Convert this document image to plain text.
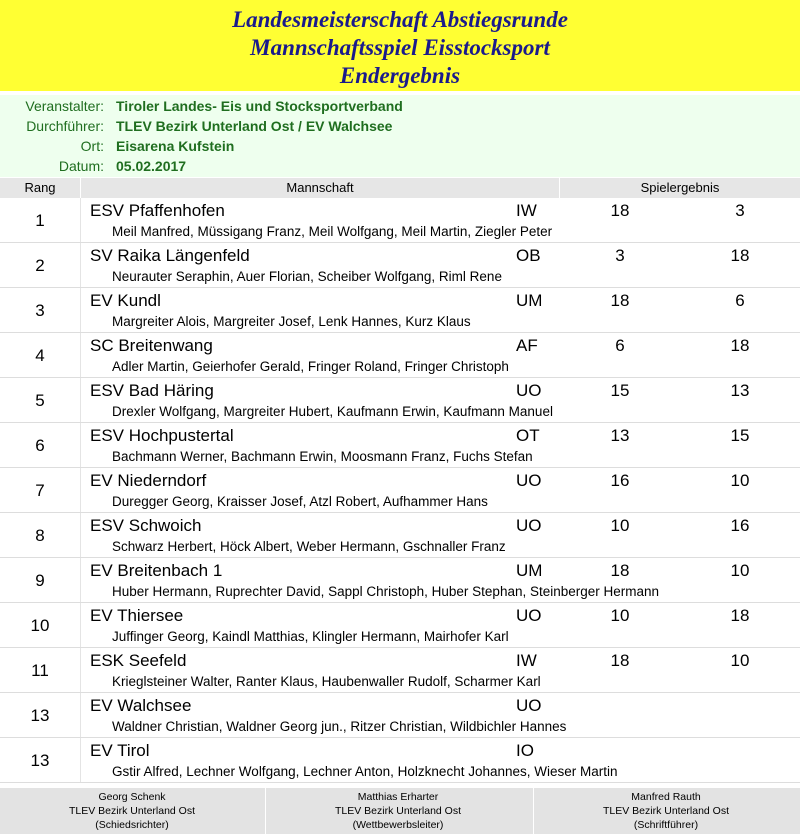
Landesmeisterschaft Abstiegsrunde
Mannschaftsspiel Eisstocksport
Endergebnis
Veranstalter: Tiroler Landes- Eis und Stocksportverband
Durchführer: TLEV Bezirk Unterland Ost / EV Walchsee
Ort: Eisarena Kufstein
Datum: 05.02.2017
Rang	Mannschaft	Spielergebnis
1
ESV Pfaffenhofen	IW	18	3
Meil Manfred, Müssigang Franz, Meil Wolfgang, Meil Martin, Ziegler Peter
2
SV Raika Längenfeld	OB	3	18
Neurauter Seraphin, Auer Florian, Scheiber Wolfgang, Riml Rene
3
EV Kundl	UM	18	6
Margreiter Alois, Margreiter Josef, Lenk Hannes, Kurz Klaus
4
SC Breitenwang	AF	6	18
Adler Martin, Geierhofer Gerald, Fringer Roland, Fringer Christoph
5
ESV Bad Häring	UO	15	13
Drexler Wolfgang, Margreiter Hubert, Kaufmann Erwin, Kaufmann Manuel
6
ESV Hochpustertal	OT	13	15
Bachmann Werner, Bachmann Erwin, Moosmann Franz, Fuchs Stefan
7
EV Niederndorf	UO	16	10
Duregger Georg, Kraisser Josef, Atzl Robert, Aufhammer Hans
8
ESV Schwoich	UO	10	16
Schwarz Herbert, Höck Albert, Weber Hermann, Gschnaller Franz
9
EV Breitenbach 1	UM	18	10
Huber Hermann, Ruprechter David, Sappl Christoph, Huber Stephan, Steinberger Hermann
10
EV Thiersee	UO	10	18
Juffinger Georg, Kaindl Matthias, Klingler Hermann, Mairhofer Karl
11
ESK Seefeld	IW	18	10
Krieglsteiner Walter, Ranter Klaus, Haubenwaller Rudolf, Scharmer Karl
13
EV Walchsee	UO
Waldner Christian, Waldner Georg jun., Ritzer Christian, Wildbichler Hannes
13
EV Tirol	IO
Gstir Alfred, Lechner Wolfgang, Lechner Anton, Holzknecht Johannes, Wieser Martin
Georg Schenk
TLEV Bezirk Unterland Ost
(Schiedsrichter)
Matthias Erharter
TLEV Bezirk Unterland Ost
(Wettbewerbsleiter)
Manfred Rauth
TLEV Bezirk Unterland Ost
(Schriftführer)
